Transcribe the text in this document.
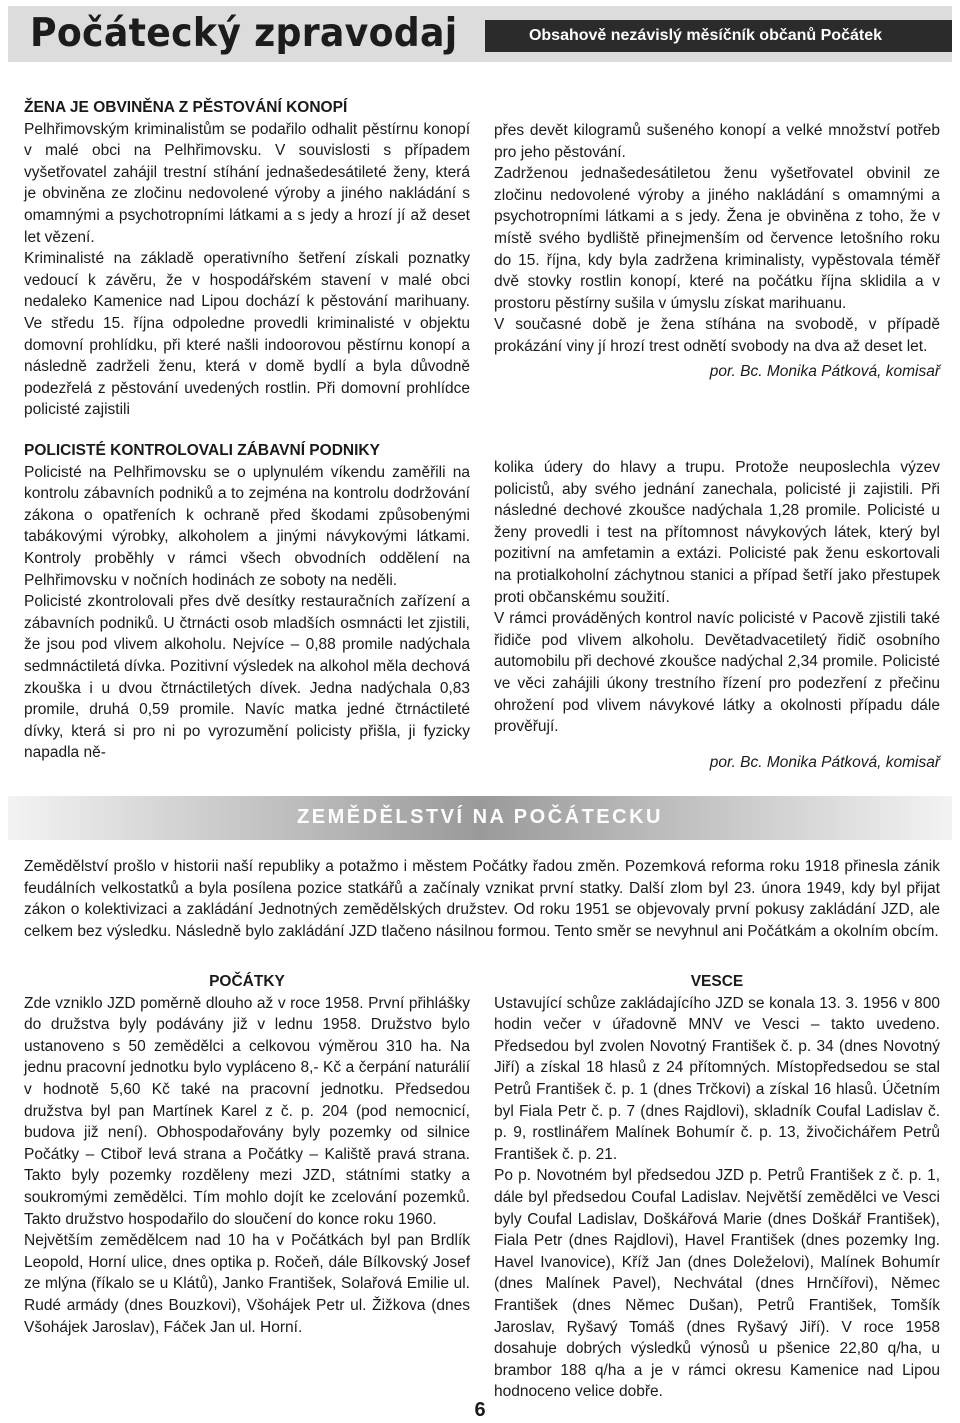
Počátecký zpravodaj	Obsahově nezávislý měsíčník občanů Počátek

ŽENA JE OBVINĚNA Z PĚSTOVÁNÍ KONOPÍ

Pelhřimovským kriminalistům se podařilo odhalit pěstírnu konopí v malé obci na Pelhřimovsku. V souvislosti s případem vyšetřovatel zahájil trestní stíhání jednašedesátileté ženy, která je obviněna ze zločinu nedovolené výroby a jiného nakládání s omamnými a psychotropními látkami a s jedy a hrozí jí až deset let vězení.

Kriminalisté na základě operativního šetření získali poznatky vedoucí k závěru, že v hospodářském stavení v malé obci nedaleko Kamenice nad Lipou dochází k pěstování marihuany. Ve středu 15. října odpoledne provedli kriminalisté v objektu domovní prohlídku, při které našli indoorovou pěstírnu konopí a následně zadrželi ženu, která v domě bydlí a byla důvodně podezřelá z pěstování uvedených rostlin. Při domovní prohlídce policisté zajistili

přes devět kilogramů sušeného konopí a velké množství potřeb pro jeho pěstování.

Zadrženou jednašedesátiletou ženu vyšetřovatel obvinil ze zločinu nedovolené výroby a jiného nakládání s omamnými a psychotropními látkami a s jedy. Žena je obviněna z toho, že v místě svého bydliště přinejmenším od července letošního roku do 15. října, kdy byla zadržena kriminalisty, vypěstovala téměř dvě stovky rostlin konopí, které na počátku října sklidila a v prostoru pěstírny sušila v úmyslu získat marihuanu.

V současné době je žena stíhána na svobodě, v případě prokázání viny jí hrozí trest odnětí svobody na dva až deset let.

por. Bc. Monika Pátková, komisař

POLICISTÉ KONTROLOVALI ZÁBAVNÍ PODNIKY

Policisté na Pelhřimovsku se o uplynulém víkendu zaměřili na kontrolu zábavních podniků a to zejména na kontrolu dodržování zákona o opatřeních k ochraně před škodami způsobenými tabákovými výrobky, alkoholem a jinými návykovými látkami. Kontroly proběhly v rámci všech obvodních oddělení na Pelhřimovsku v nočních hodinách ze soboty na neděli.

Policisté zkontrolovali přes dvě desítky restauračních zařízení a zábavních podniků. U čtrnácti osob mladších osmnácti let zjistili, že jsou pod vlivem alkoholu. Nejvíce – 0,88 promile nadýchala sedmnáctiletá dívka. Pozitivní výsledek na alkohol měla dechová zkouška i u dvou čtrnáctiletých dívek. Jedna nadýchala 0,83 promile, druhá 0,59 promile. Navíc matka jedné čtrnáctileté dívky, která si pro ni po vyrozumění policisty přišla, ji fyzicky napadla ně-

kolika údery do hlavy a trupu. Protože neuposlechla výzev policistů, aby svého jednání zanechala, policisté ji zajistili. Při následné dechové zkoušce nadýchala 1,28 promile. Policisté u ženy provedli i test na přítomnost návykových látek, který byl pozitivní na amfetamin a extázi. Policisté pak ženu eskortovali na protialkoholní záchytnou stanici a případ šetří jako přestupek proti občanskému soužití.

V rámci prováděných kontrol navíc policisté v Pacově zjistili také řidiče pod vlivem alkoholu. Devětadvacetiletý řidič osobního automobilu při dechové zkoušce nadýchal 2,34 promile. Policisté ve věci zahájili úkony trestního řízení pro podezření z přečinu ohrožení pod vlivem návykové látky a okolnosti případu dále prověřují.

por. Bc. Monika Pátková, komisař

ZEMĚDĚLSTVÍ NA POČÁTECKU

Zemědělství prošlo v historii naší republiky a potažmo i městem Počátky řadou změn. Pozemková reforma roku 1918 přinesla zánik feudálních velkostatků a byla posílena pozice statkářů a začínaly vznikat první statky. Další zlom byl 23. února 1949, kdy byl přijat zákon o kolektivizaci a zakládání Jednotných zemědělských družstev. Od roku 1951 se objevovaly první pokusy zakládání JZD, ale celkem bez výsledku. Následně bylo zakládání JZD tlačeno násilnou formou. Tento směr se nevyhnul ani Počátkám a okolním obcím.

POČÁTKY

Zde vzniklo JZD poměrně dlouho až v roce 1958. První přihlášky do družstva byly podávány již v lednu 1958. Družstvo bylo ustanoveno s 50 zemědělci a celkovou výměrou 310 ha. Na jednu pracovní jednotku bylo vypláceno 8,- Kč a čerpání naturálií v hodnotě 5,60 Kč také na pracovní jednotku. Předsedou družstva byl pan Martínek Karel z č. p. 204 (pod nemocnicí, budova již není). Obhospodařovány byly pozemky od silnice Počátky – Ctiboř levá strana a Počátky – Kaliště pravá strana. Takto byly pozemky rozděleny mezi JZD, státními statky a soukromými zemědělci. Tím mohlo dojít ke zcelování pozemků. Takto družstvo hospodařilo do sloučení do konce roku 1960.

Největším zemědělcem nad 10 ha v Počátkách byl pan Brdlík Leopold, Horní ulice, dnes optika p. Ročeň, dále Bílkovský Josef ze mlýna (říkalo se u Klátů), Janko František, Solařová Emilie ul. Rudé armády (dnes Bouzkovi), Všohájek Petr ul. Žižkova (dnes Všohájek Jaroslav), Fáček Jan ul. Horní.

VESCE

Ustavující schůze zakládajícího JZD se konala 13. 3. 1956 v 800 hodin večer v úřadovně MNV ve Vesci – takto uvedeno. Předsedou byl zvolen Novotný František č. p. 34 (dnes Novotný Jiří) a získal 18 hlasů z 24 přítomných. Místopředsedou se stal Petrů František č. p. 1 (dnes Trčkovi) a získal 16 hlasů. Účetním byl Fiala Petr č. p. 7 (dnes Rajdlovi), skladník Coufal Ladislav č. p. 9, rostlinářem Malínek Bohumír č. p. 13, živočichářem Petrů František č. p. 21.

Po p. Novotném byl předsedou JZD p. Petrů František z č. p. 1, dále byl předsedou Coufal Ladislav. Největší zemědělci ve Vesci byly Coufal Ladislav, Doškářová Marie (dnes Doškář František), Fiala Petr (dnes Rajdlovi), Havel František (dnes pozemky Ing. Havel Ivanovice), Kříž Jan (dnes Doleželovi), Malínek Bohumír (dnes Malínek Pavel), Nechvátal (dnes Hrnčířovi), Němec František (dnes Němec Dušan), Petrů František, Tomšík Jaroslav, Ryšavý Tomáš (dnes Ryšavý Jiří). V roce 1958 dosahuje dobrých výsledků výnosů u pšenice 22,80 q/ha, u brambor 188 q/ha a je v rámci okresu Kamenice nad Lipou hodnoceno velice dobře.

6
